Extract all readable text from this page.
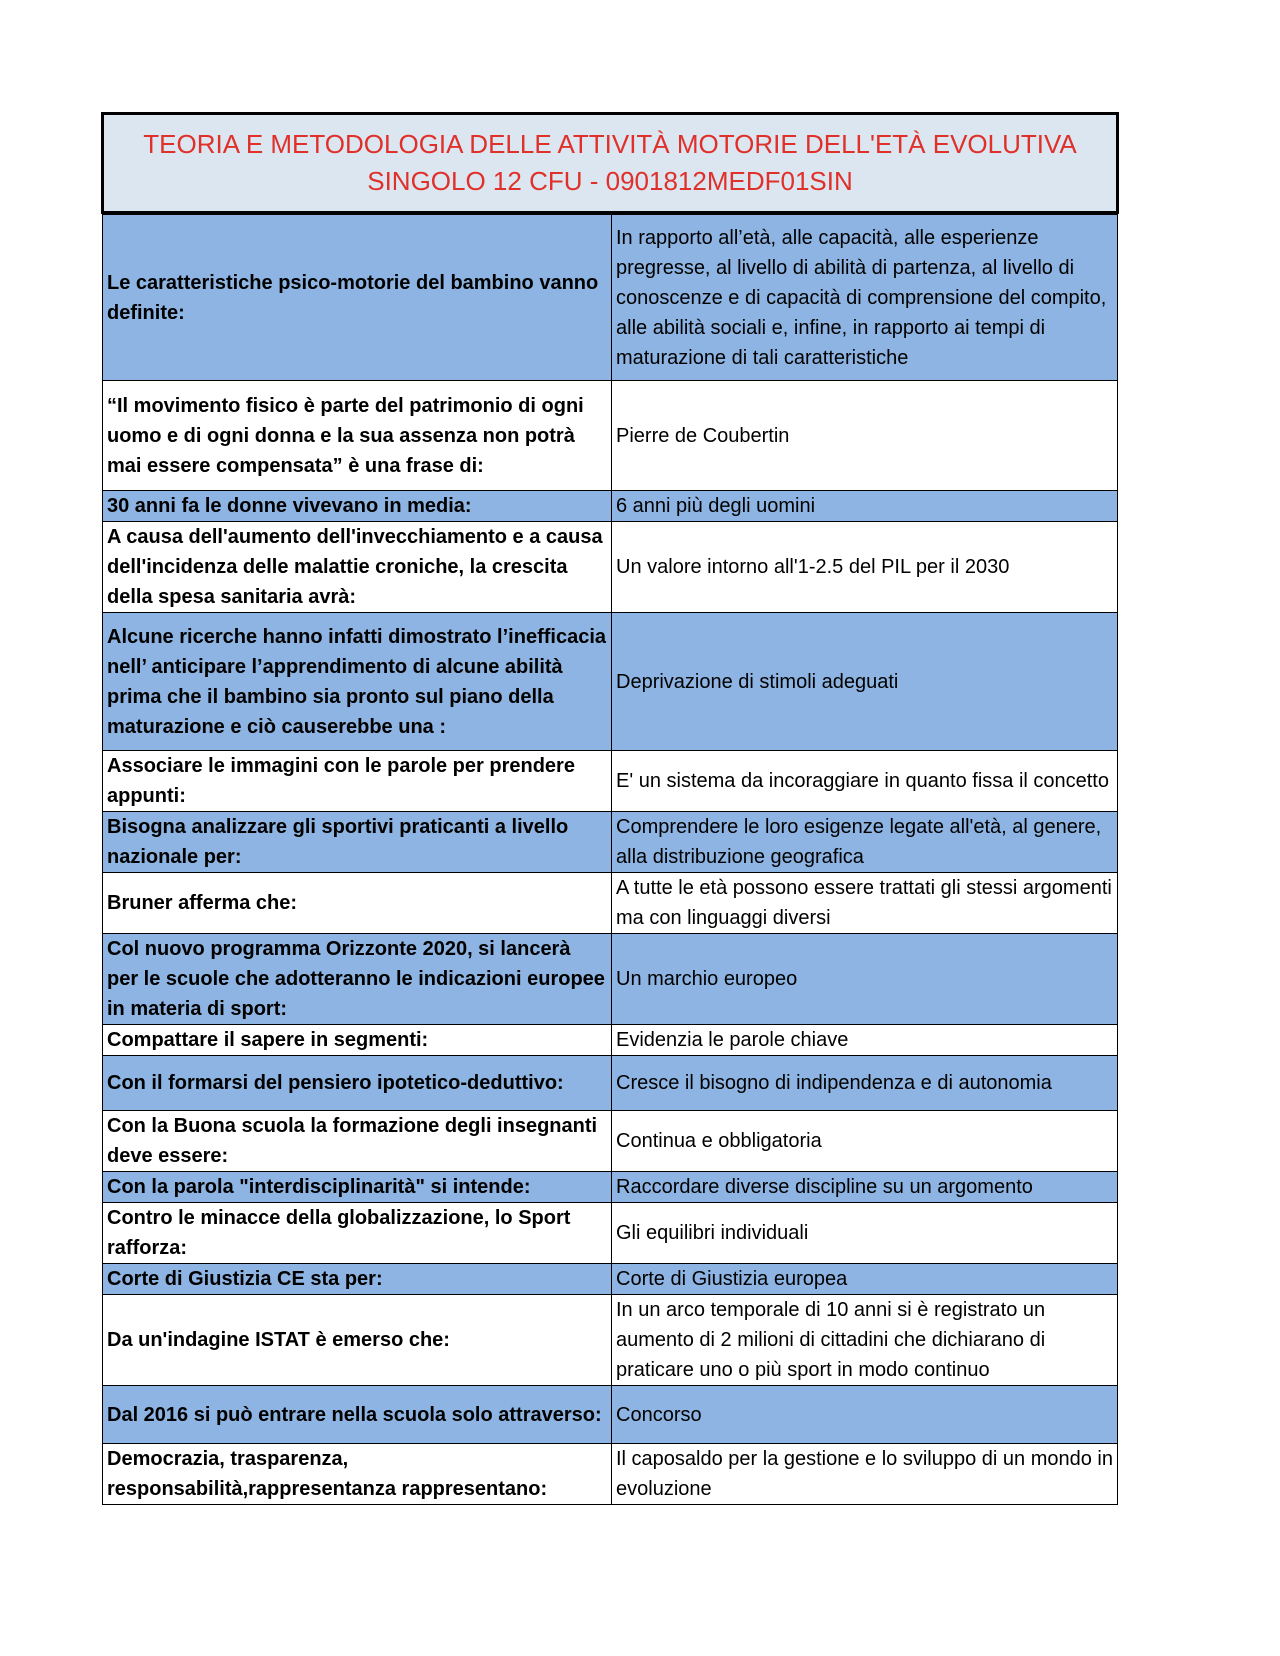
TEORIA E METODOLOGIA DELLE ATTIVITÀ MOTORIE DELL'ETÀ EVOLUTIVA
SINGOLO 12 CFU - 0901812MEDF01SIN
Le caratteristiche psico-motorie del bambino vanno definite:	In rapporto all’età, alle capacità, alle esperienze pregresse, al livello di abilità di partenza, al livello di conoscenze e di capacità di comprensione del compito, alle abilità sociali e, infine, in rapporto ai tempi di maturazione di tali caratteristiche
“Il movimento fisico è parte del patrimonio di ogni uomo e di ogni donna e la sua assenza non potrà mai essere compensata” è una frase di:	Pierre de Coubertin
30 anni fa le donne vivevano in media:	6 anni più degli uomini
A causa dell'aumento dell'invecchiamento e a causa dell'incidenza delle malattie croniche, la crescita della spesa sanitaria avrà:	Un valore intorno all'1-2.5 del PIL per il 2030
Alcune ricerche hanno infatti dimostrato l’inefficacia nell’ anticipare l’apprendimento di alcune abilità prima che il bambino sia pronto sul piano della maturazione e ciò causerebbe una :	Deprivazione di stimoli adeguati
Associare le immagini con le parole per prendere appunti:	E' un sistema da incoraggiare in quanto fissa il concetto
Bisogna analizzare gli sportivi praticanti a livello nazionale per:	Comprendere le loro esigenze legate all'età, al genere, alla distribuzione geografica
Bruner afferma che:	A tutte le età possono essere trattati gli stessi argomenti ma con linguaggi diversi
Col nuovo programma Orizzonte 2020, si lancerà per le scuole che adotteranno le indicazioni europee in materia di sport:	Un marchio europeo
Compattare il sapere in segmenti:	Evidenzia le parole chiave
Con il formarsi del pensiero ipotetico-deduttivo:	Cresce il bisogno di indipendenza e di autonomia
Con la Buona scuola la formazione degli insegnanti deve essere:	Continua e obbligatoria
Con la parola "interdisciplinarità" si intende:	Raccordare diverse discipline su un argomento
Contro le minacce della globalizzazione, lo Sport rafforza:	Gli equilibri individuali
Corte di Giustizia CE sta per:	Corte di Giustizia europea
Da un'indagine ISTAT è emerso che:	In un arco temporale di 10 anni si è registrato un aumento di 2 milioni di cittadini che dichiarano di praticare uno o più sport in modo continuo
Dal 2016 si può entrare nella scuola solo attraverso:	Concorso
Democrazia, trasparenza, responsabilità,rappresentanza rappresentano:	Il caposaldo per la gestione e lo sviluppo di un mondo in evoluzione
